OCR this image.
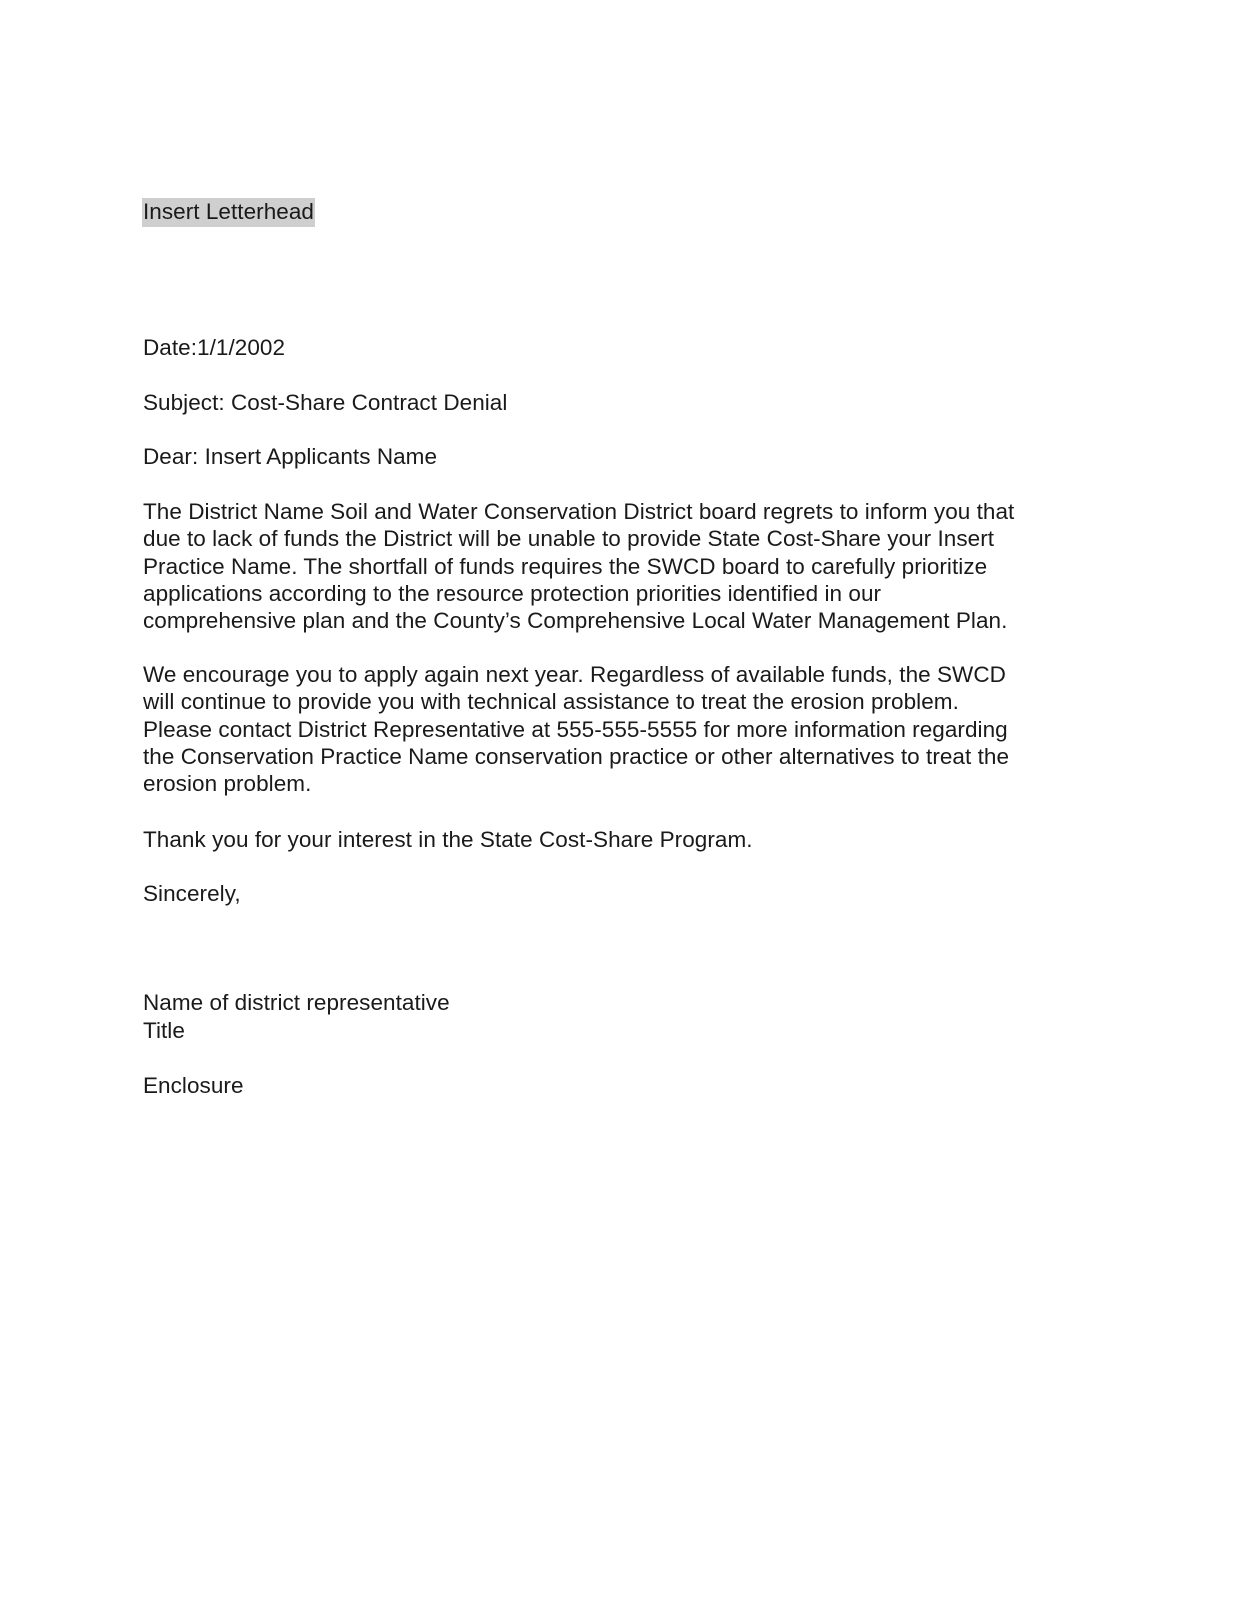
Insert Letterhead
Date:1/1/2002
Subject: Cost-Share Contract Denial
Dear: Insert Applicants Name
The District Name Soil and Water Conservation District board regrets to inform you that
due to lack of funds the District will be unable to provide State Cost-Share your Insert
Practice Name. The shortfall of funds requires the SWCD board to carefully prioritize
applications according to the resource protection priorities identified in our
comprehensive plan and the County’s Comprehensive Local Water Management Plan.
We encourage you to apply again next year. Regardless of available funds, the SWCD
will continue to provide you with technical assistance to treat the erosion problem.
Please contact District Representative at 555-555-5555 for more information regarding
the Conservation Practice Name conservation practice or other alternatives to treat the
erosion problem.
Thank you for your interest in the State Cost-Share Program.
Sincerely,
Name of district representative
Title
Enclosure
